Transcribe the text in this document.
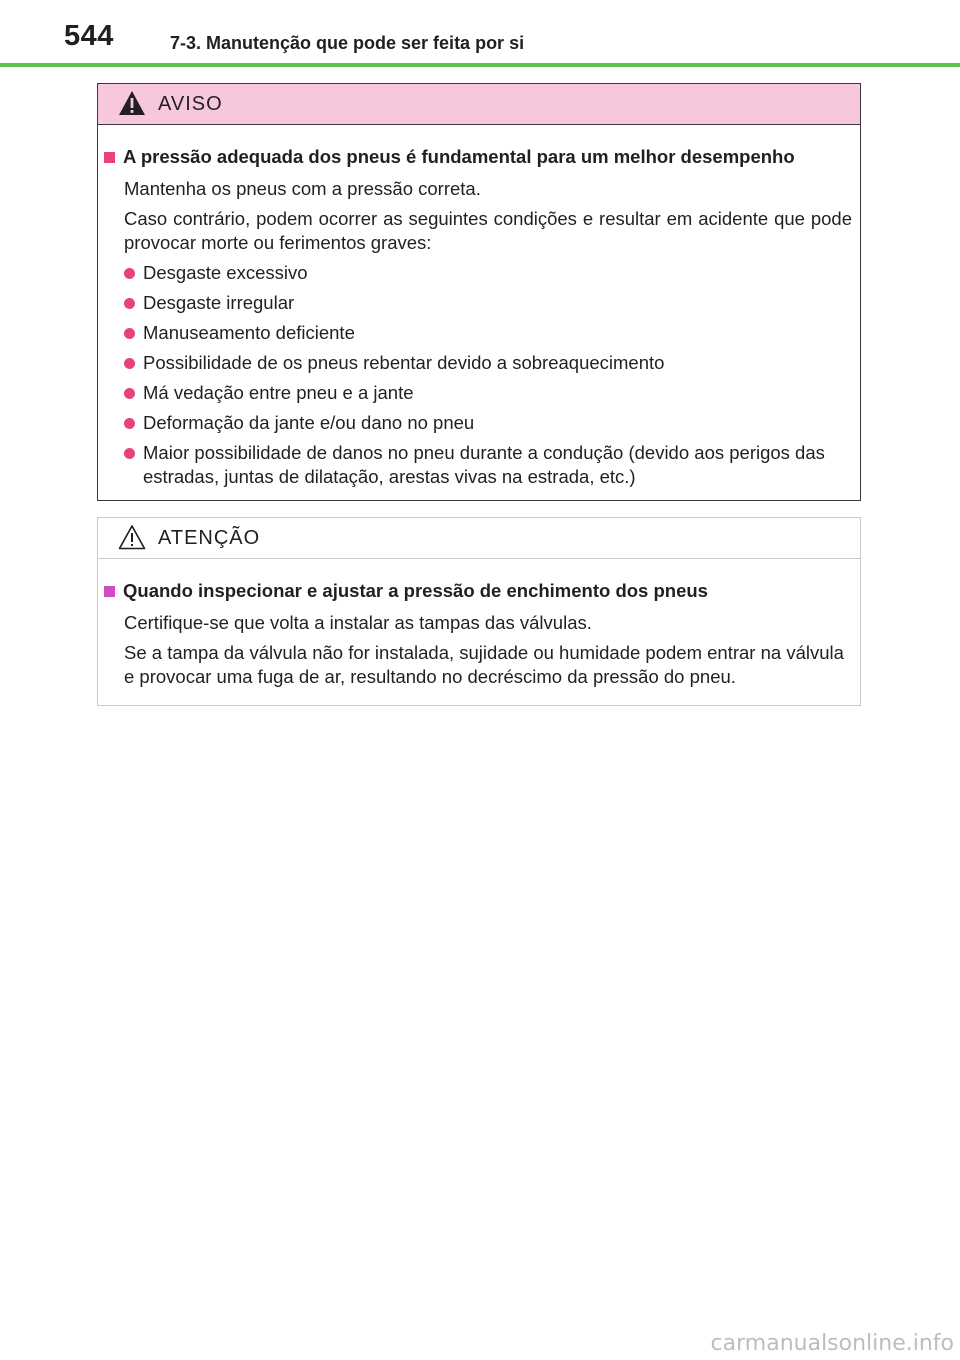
544	7-3. Manutenção que pode ser feita por si
AVISO
A pressão adequada dos pneus é fundamental para um melhor desempenho
Mantenha os pneus com a pressão correta.
Caso contrário, podem ocorrer as seguintes condições e resultar em acidente que pode provocar morte ou ferimentos graves:
Desgaste excessivo
Desgaste irregular
Manuseamento deficiente
Possibilidade de os pneus rebentar devido a sobreaquecimento
Má vedação entre pneu e a jante
Deformação da jante e/ou dano no pneu
Maior possibilidade de danos no pneu durante a condução (devido aos perigos das estradas, juntas de dilatação, arestas vivas na estrada, etc.)
ATENÇÃO
Quando inspecionar e ajustar a pressão de enchimento dos pneus
Certifique-se que volta a instalar as tampas das válvulas.
Se a tampa da válvula não for instalada, sujidade ou humidade podem entrar na válvula e provocar uma fuga de ar, resultando no decréscimo da pressão do pneu.
carmanualsonline.info
